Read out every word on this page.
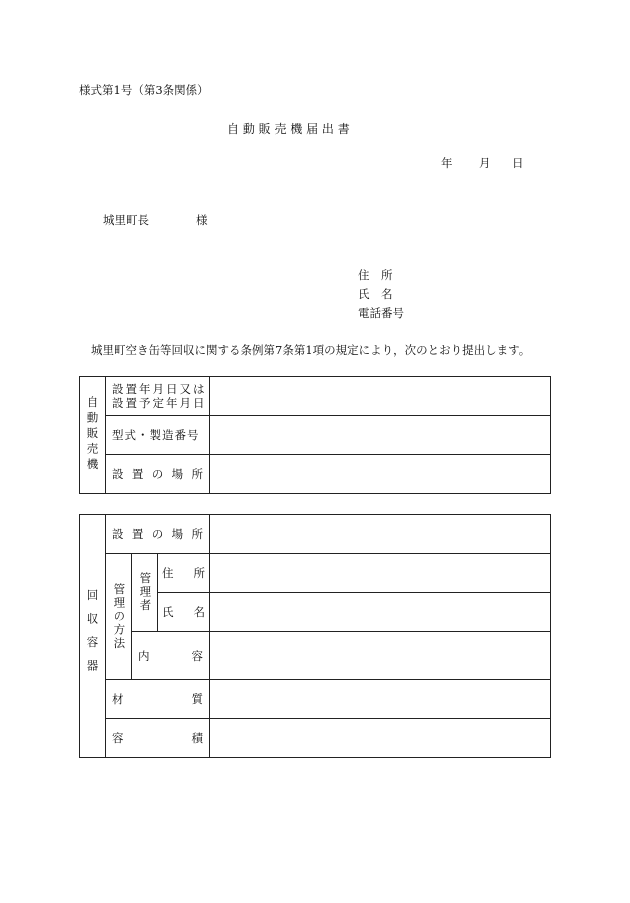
様式第1号（第3条関係）
自 動 販 売 機 届 出 書
年 月 日
城里町長	様
住　所
氏　名
電話番号
城里町空き缶等回収に関する条例第7条第1項の規定により，次のとおり提出します。
自動販売機	設置年月日又は
設置予定年月日	

	型式・製造番号	

	設 置 の 場 所	

回収容器	設 置 の 場 所			

	管理の方法	管理者	住 所	

			氏 名	

		内 容		

	材 質			

	容 積			
